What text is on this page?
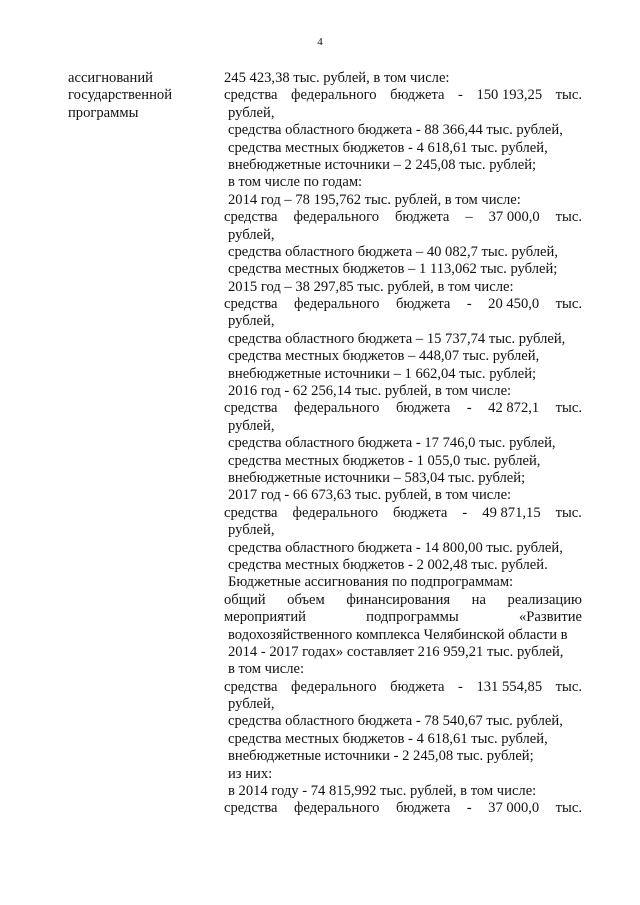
4
ассигнований
государственной
программы
245 423,38 тыс. рублей, в том числе:
средства федерального бюджета - 150 193,25 тыс.
рублей,
средства областного бюджета - 88 366,44 тыс. рублей,
средства местных бюджетов - 4 618,61 тыс. рублей,
внебюджетные источники – 2 245,08 тыс. рублей;
в том числе по годам:
2014 год – 78 195,762 тыс. рублей, в том числе:
средства федерального бюджета – 37 000,0 тыс.
рублей,
средства областного бюджета – 40 082,7 тыс. рублей,
средства местных бюджетов – 1 113,062 тыс. рублей;
2015 год – 38 297,85 тыс. рублей, в том числе:
средства федерального бюджета - 20 450,0 тыс.
рублей,
средства областного бюджета – 15 737,74 тыс. рублей,
средства местных бюджетов – 448,07 тыс. рублей,
внебюджетные источники – 1 662,04 тыс. рублей;
2016 год - 62 256,14 тыс. рублей, в том числе:
средства федерального бюджета - 42 872,1 тыс.
рублей,
средства областного бюджета - 17 746,0 тыс. рублей,
средства местных бюджетов - 1 055,0 тыс. рублей,
внебюджетные источники – 583,04 тыс. рублей;
2017 год - 66 673,63 тыс. рублей, в том числе:
средства федерального бюджета - 49 871,15 тыс.
рублей,
средства областного бюджета - 14 800,00 тыс. рублей,
средства местных бюджетов - 2 002,48 тыс. рублей.
Бюджетные ассигнования по подпрограммам:
общий объем финансирования на реализацию
мероприятий	подпрограммы	«Развитие
водохозяйственного комплекса Челябинской области в
2014 - 2017 годах» составляет 216 959,21 тыс. рублей,
в том числе:
средства федерального бюджета - 131 554,85 тыс.
рублей,
средства областного бюджета - 78 540,67 тыс. рублей,
средства местных бюджетов - 4 618,61 тыс. рублей,
внебюджетные источники - 2 245,08 тыс. рублей;
из них:
в 2014 году - 74 815,992 тыс. рублей, в том числе:
средства федерального бюджета - 37 000,0 тыс.
